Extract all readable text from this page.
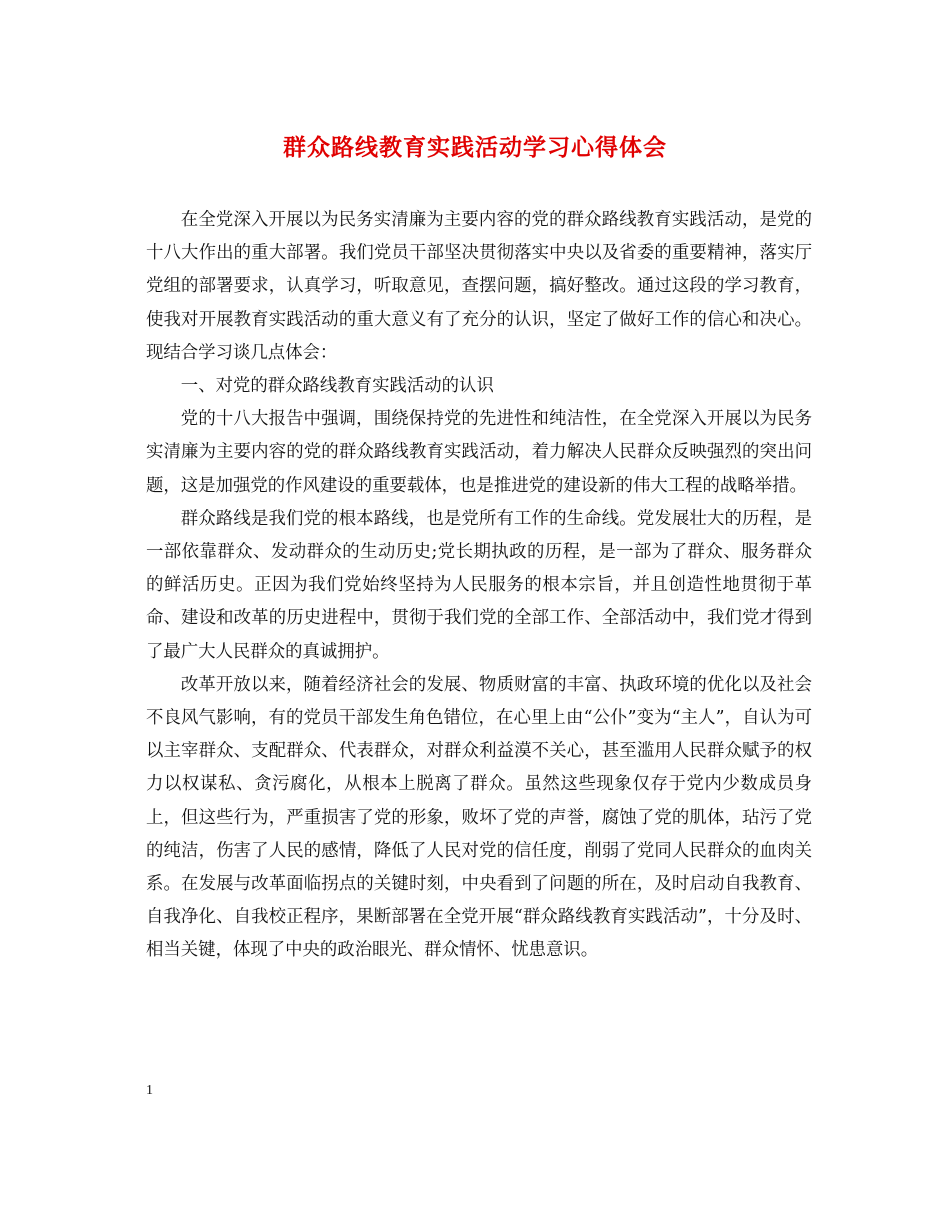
群众路线教育实践活动学习心得体会

在全党深入开展以为民务实清廉为主要内容的党的群众路线教育实践活动，是党的十八大作出的重大部署。我们党员干部坚决贯彻落实中央以及省委的重要精神，落实厅党组的部署要求，认真学习，听取意见，查摆问题，搞好整改。通过这段的学习教育，使我对开展教育实践活动的重大意义有了充分的认识，坚定了做好工作的信心和决心。现结合学习谈几点体会：

一、对党的群众路线教育实践活动的认识

党的十八大报告中强调，围绕保持党的先进性和纯洁性，在全党深入开展以为民务实清廉为主要内容的党的群众路线教育实践活动，着力解决人民群众反映强烈的突出问题，这是加强党的作风建设的重要载体，也是推进党的建设新的伟大工程的战略举措。

群众路线是我们党的根本路线，也是党所有工作的生命线。党发展壮大的历程，是一部依靠群众、发动群众的生动历史;党长期执政的历程，是一部为了群众、服务群众的鲜活历史。正因为我们党始终坚持为人民服务的根本宗旨，并且创造性地贯彻于革命、建设和改革的历史进程中，贯彻于我们党的全部工作、全部活动中，我们党才得到了最广大人民群众的真诚拥护。

改革开放以来，随着经济社会的发展、物质财富的丰富、执政环境的优化以及社会不良风气影响，有的党员干部发生角色错位，在心里上由“公仆”变为“主人”，自认为可以主宰群众、支配群众、代表群众，对群众利益漠不关心，甚至滥用人民群众赋予的权力以权谋私、贪污腐化，从根本上脱离了群众。虽然这些现象仅存于党内少数成员身上，但这些行为，严重损害了党的形象，败坏了党的声誉，腐蚀了党的肌体，玷污了党的纯洁，伤害了人民的感情，降低了人民对党的信任度，削弱了党同人民群众的血肉关系。在发展与改革面临拐点的关键时刻，中央看到了问题的所在，及时启动自我教育、自我净化、自我校正程序，果断部署在全党开展“群众路线教育实践活动”，十分及时、相当关键，体现了中央的政治眼光、群众情怀、忧患意识。

1
